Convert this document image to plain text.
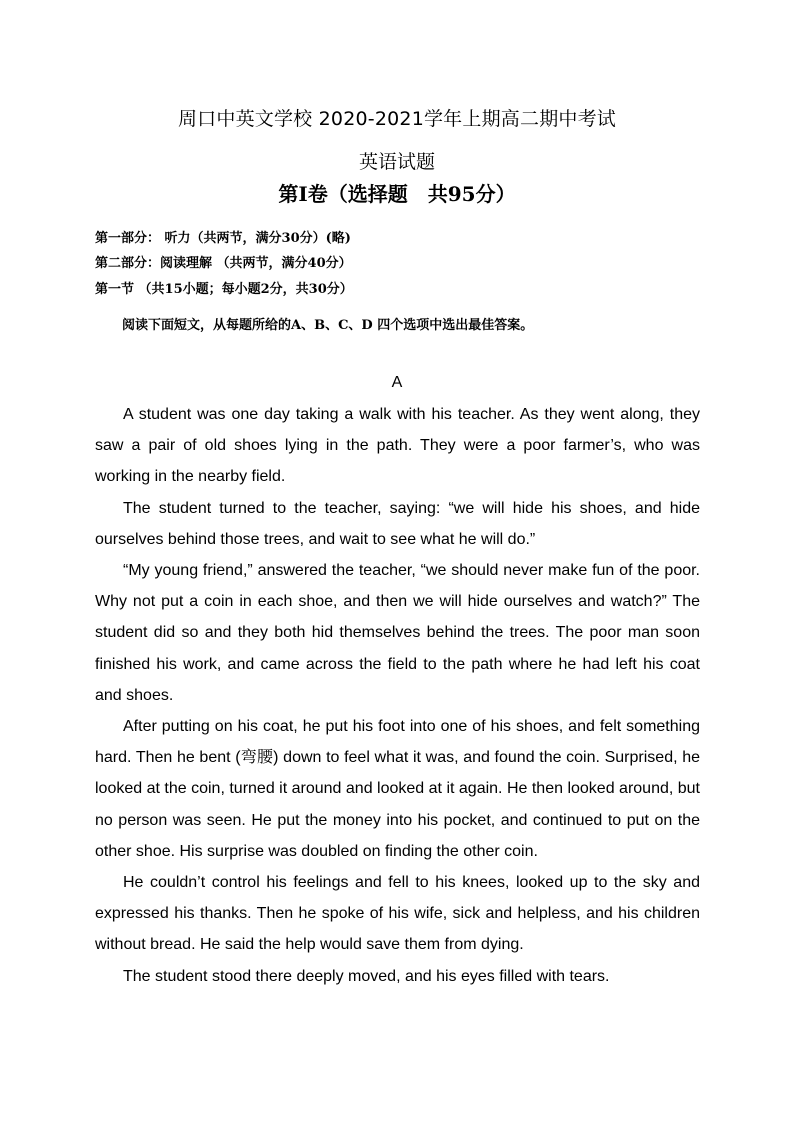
周口中英文学校 2020-2021学年上期高二期中考试
英语试题
第Ⅰ卷（选择题　共95分）
第一部分： 听力（共两节，满分30分）(略)
第二部分：阅读理解 （共两节，满分40分）
第一节 （共15小题；每小题2分，共30分）
阅读下面短文，从每题所给的A、B、C、D 四个选项中选出最佳答案。
A

A student was one day taking a walk with his teacher. As they went along, they saw a pair of old shoes lying in the path. They were a poor farmer’s, who was working in the nearby field.

The student turned to the teacher, saying: “we will hide his shoes, and hide ourselves behind those trees, and wait to see what he will do.”

“My young friend,” answered the teacher, “we should never make fun of the poor. Why not put a coin in each shoe, and then we will hide ourselves and watch?” The student did so and they both hid themselves behind the trees. The poor man soon finished his work, and came across the field to the path where he had left his coat and shoes.

After putting on his coat, he put his foot into one of his shoes, and felt something hard. Then he bent (弯腰) down to feel what it was, and found the coin. Surprised, he looked at the coin, turned it around and looked at it again. He then looked around, but no person was seen. He put the money into his pocket, and continued to put on the other shoe. His surprise was doubled on finding the other coin.

He couldn’t control his feelings and fell to his knees, looked up to the sky and expressed his thanks. Then he spoke of his wife, sick and helpless, and his children without bread. He said the help would save them from dying.

The student stood there deeply moved, and his eyes filled with tears.
